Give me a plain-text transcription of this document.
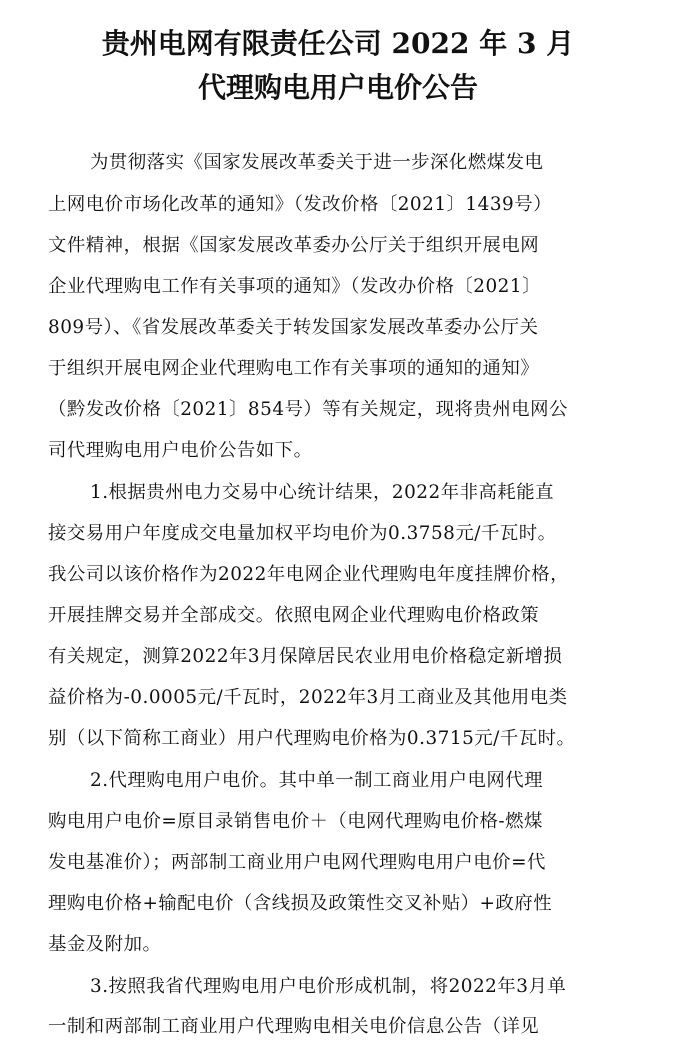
贵州电网有限责任公司 2022 年 3 月
代理购电用户电价公告
为贯彻落实《国家发展改革委关于进一步深化燃煤发电
上网电价市场化改革的通知》（发改价格〔2021〕1439号）
文件精神，根据《国家发展改革委办公厅关于组织开展电网
企业代理购电工作有关事项的通知》（发改办价格〔2021〕
809号）、《省发展改革委关于转发国家发展改革委办公厅关
于组织开展电网企业代理购电工作有关事项的通知的通知》
（黔发改价格〔2021〕854号）等有关规定，现将贵州电网公
司代理购电用户电价公告如下。
1.根据贵州电力交易中心统计结果，2022年非高耗能直
接交易用户年度成交电量加权平均电价为0.3758元/千瓦时。
我公司以该价格作为2022年电网企业代理购电年度挂牌价格，
开展挂牌交易并全部成交。依照电网企业代理购电价格政策
有关规定，测算2022年3月保障居民农业用电价格稳定新增损
益价格为-0.0005元/千瓦时，2022年3月工商业及其他用电类
别（以下简称工商业）用户代理购电价格为0.3715元/千瓦时。
2.代理购电用户电价。其中单一制工商业用户电网代理
购电用户电价=原目录销售电价＋（电网代理购电价格-燃煤
发电基准价）；两部制工商业用户电网代理购电用户电价=代
理购电价格+输配电价（含线损及政策性交叉补贴）+政府性
基金及附加。
3.按照我省代理购电用户电价形成机制，将2022年3月单
一制和两部制工商业用户代理购电相关电价信息公告（详见
